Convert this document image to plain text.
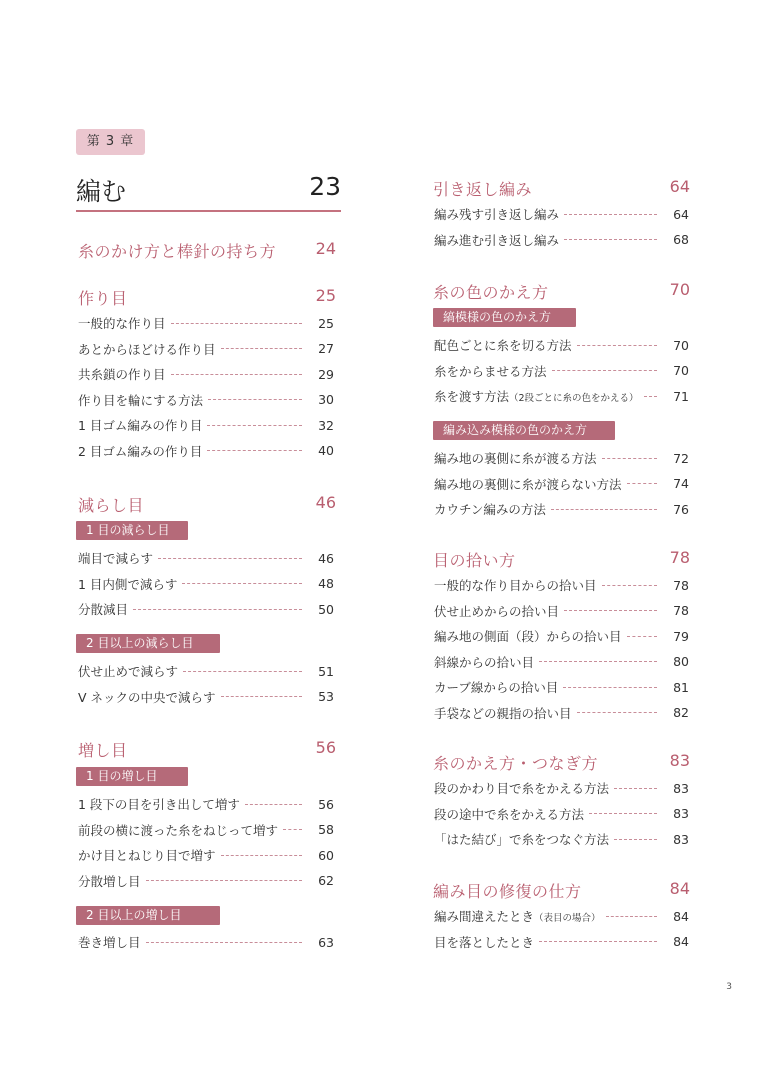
第 3 章
編む	23
糸のかけ方と棒針の持ち方	24
作り目	25
一般的な作り目	25
あとからほどける作り目	27
共糸鎖の作り目	29
作り目を輪にする方法	30
1 目ゴム編みの作り目	32
2 目ゴム編みの作り目	40
減らし目	46
1 目の減らし目
端目で減らす	46
1 目内側で減らす	48
分散減目	50
2 目以上の減らし目
伏せ止めで減らす	51
V ネックの中央で減らす	53
増し目	56
1 目の増し目
1 段下の目を引き出して増す	56
前段の横に渡った糸をねじって増す	58
かけ目とねじり目で増す	60
分散増し目	62
2 目以上の増し目
巻き増し目	63
引き返し編み	64
編み残す引き返し編み	64
編み進む引き返し編み	68
糸の色のかえ方	70
縞模様の色のかえ方
配色ごとに糸を切る方法	70
糸をからませる方法	70
糸を渡す方法（2段ごとに糸の色をかえる）	71
編み込み模様の色のかえ方
編み地の裏側に糸が渡る方法	72
編み地の裏側に糸が渡らない方法	74
カウチン編みの方法	76
目の拾い方	78
一般的な作り目からの拾い目	78
伏せ止めからの拾い目	78
編み地の側面（段）からの拾い目	79
斜線からの拾い目	80
カーブ線からの拾い目	81
手袋などの親指の拾い目	82
糸のかえ方・つなぎ方	83
段のかわり目で糸をかえる方法	83
段の途中で糸をかえる方法	83
「はた結び」で糸をつなぐ方法	83
編み目の修復の仕方	84
編み間違えたとき（表目の場合）	84
目を落としたとき	84
3
